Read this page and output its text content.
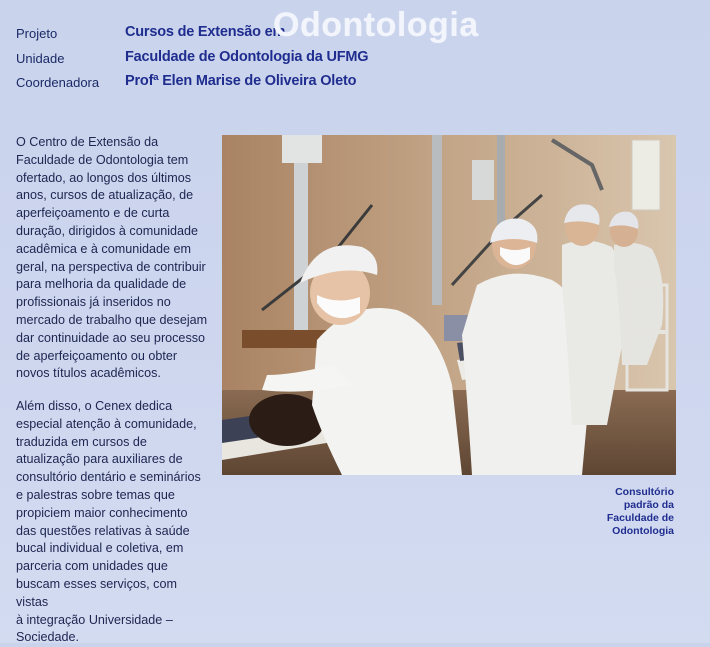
Projeto
Unidade
Coordenadora
Cursos de Extensão em
Odontologia
Faculdade de Odontologia da UFMG
Profª Elen Marise de Oliveira Oleto
O Centro de Extensão da
Faculdade de Odontologia tem
ofertado, ao longos dos últimos
anos, cursos de atualização, de
aperfeiçoamento e de curta
duração, dirigidos à comunidade
acadêmica e à comunidade em
geral, na perspectiva de contribuir
para melhoria da qualidade de
profissionais já inseridos no
mercado de trabalho que desejam
dar continuidade ao seu processo
de aperfeiçoamento ou obter
novos títulos acadêmicos.
Além disso, o Cenex dedica
especial atenção à comunidade,
traduzida em cursos de
atualização para auxiliares de
consultório dentário e seminários
e palestras sobre temas que
propiciem maior conhecimento
das questões relativas à saúde
bucal individual e coletiva, em
parceria com unidades que
buscam esses serviços, com vistas
à integração Universidade –
Sociedade.
Consultório
padrão da
Faculdade de
Odontologia
